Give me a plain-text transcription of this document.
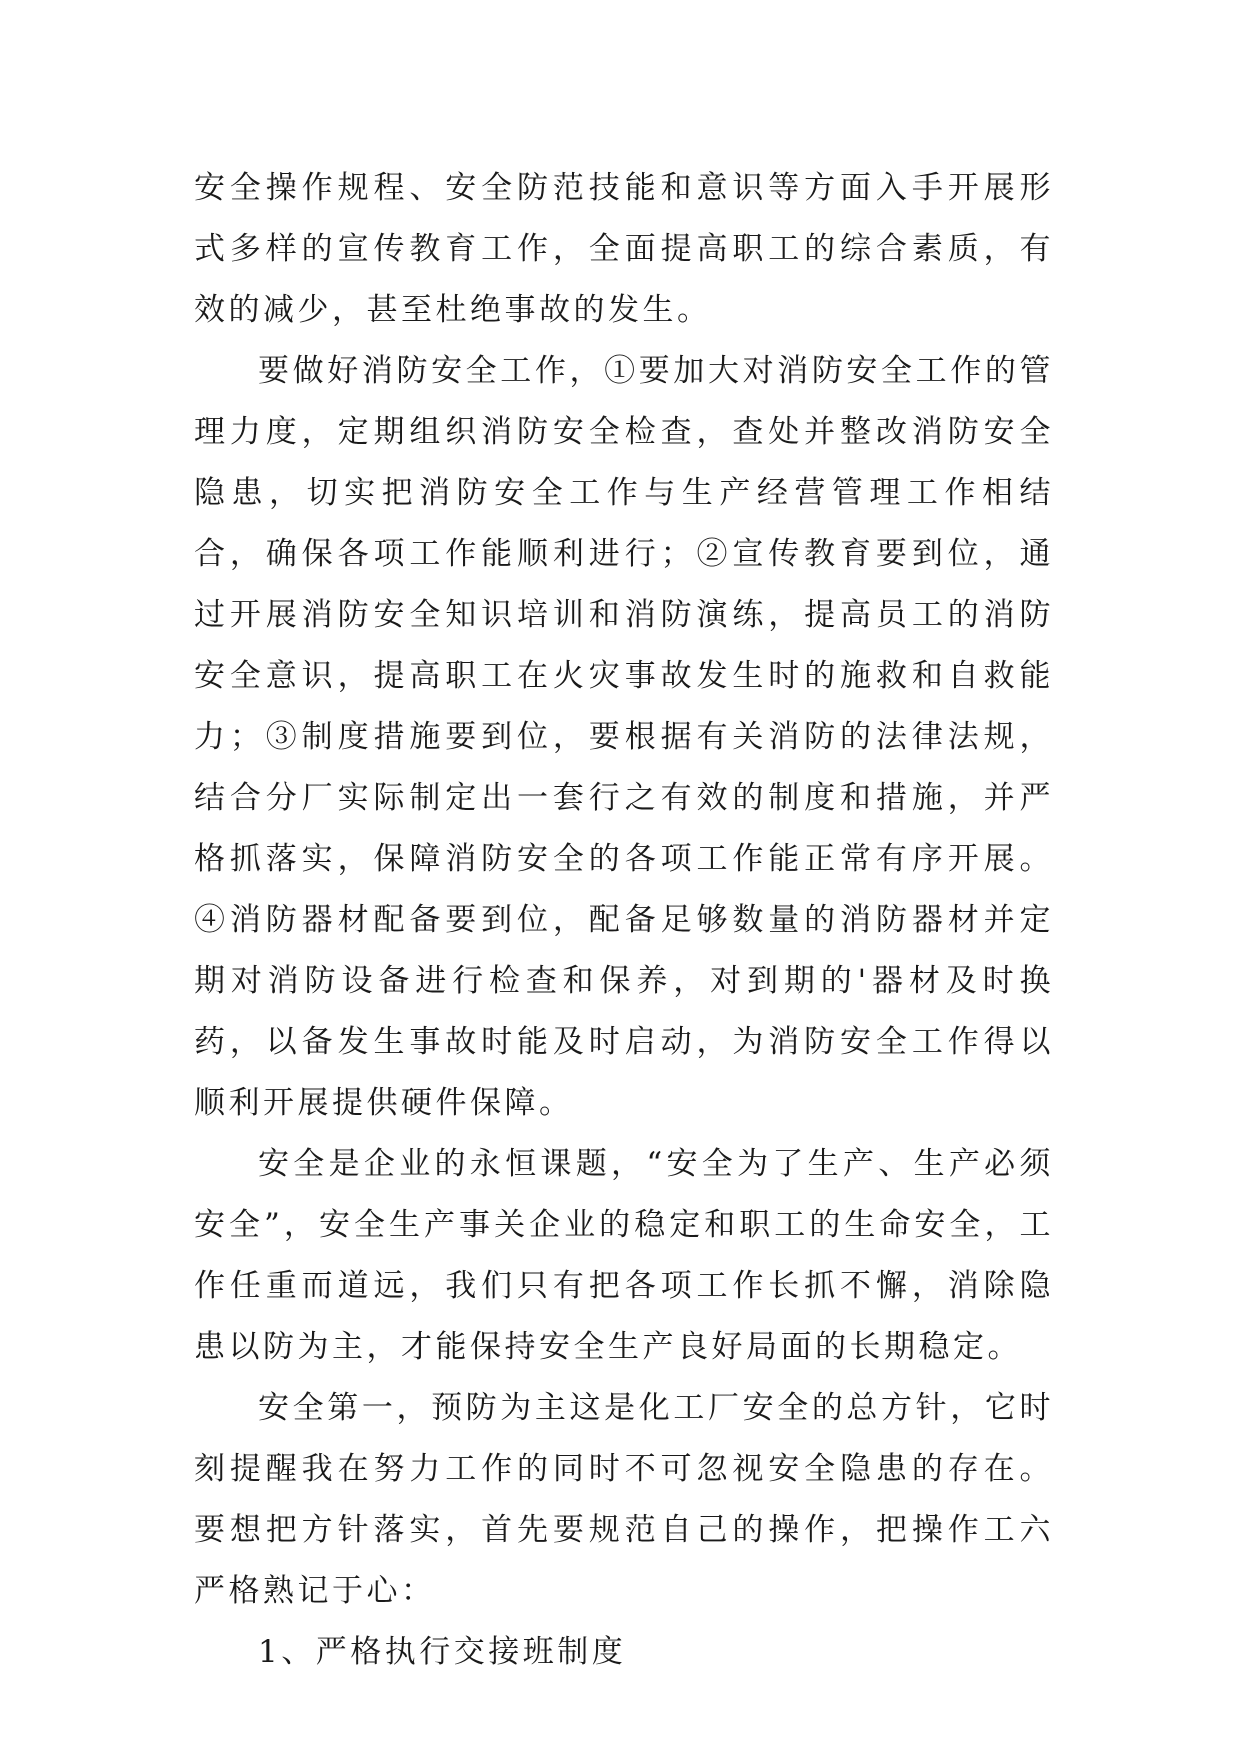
安全操作规程、安全防范技能和意识等方面入手开展形式多样的宣传教育工作，全面提高职工的综合素质，有效的减少，甚至杜绝事故的发生。

要做好消防安全工作，①要加大对消防安全工作的管理力度，定期组织消防安全检查，查处并整改消防安全隐患，切实把消防安全工作与生产经营管理工作相结合，确保各项工作能顺利进行；②宣传教育要到位，通过开展消防安全知识培训和消防演练，提高员工的消防安全意识，提高职工在火灾事故发生时的施救和自救能力；③制度措施要到位，要根据有关消防的法律法规，结合分厂实际制定出一套行之有效的制度和措施，并严格抓落实，保障消防安全的各项工作能正常有序开展。④消防器材配备要到位，配备足够数量的消防器材并定期对消防设备进行检查和保养，对到期的'器材及时换药，以备发生事故时能及时启动，为消防安全工作得以顺利开展提供硬件保障。

安全是企业的永恒课题，“安全为了生产、生产必须安全”，安全生产事关企业的稳定和职工的生命安全，工作任重而道远，我们只有把各项工作长抓不懈，消除隐患以防为主，才能保持安全生产良好局面的长期稳定。

安全第一，预防为主这是化工厂安全的总方针，它时刻提醒我在努力工作的同时不可忽视安全隐患的存在。要想把方针落实，首先要规范自己的操作，把操作工六严格熟记于心：

1、严格执行交接班制度
